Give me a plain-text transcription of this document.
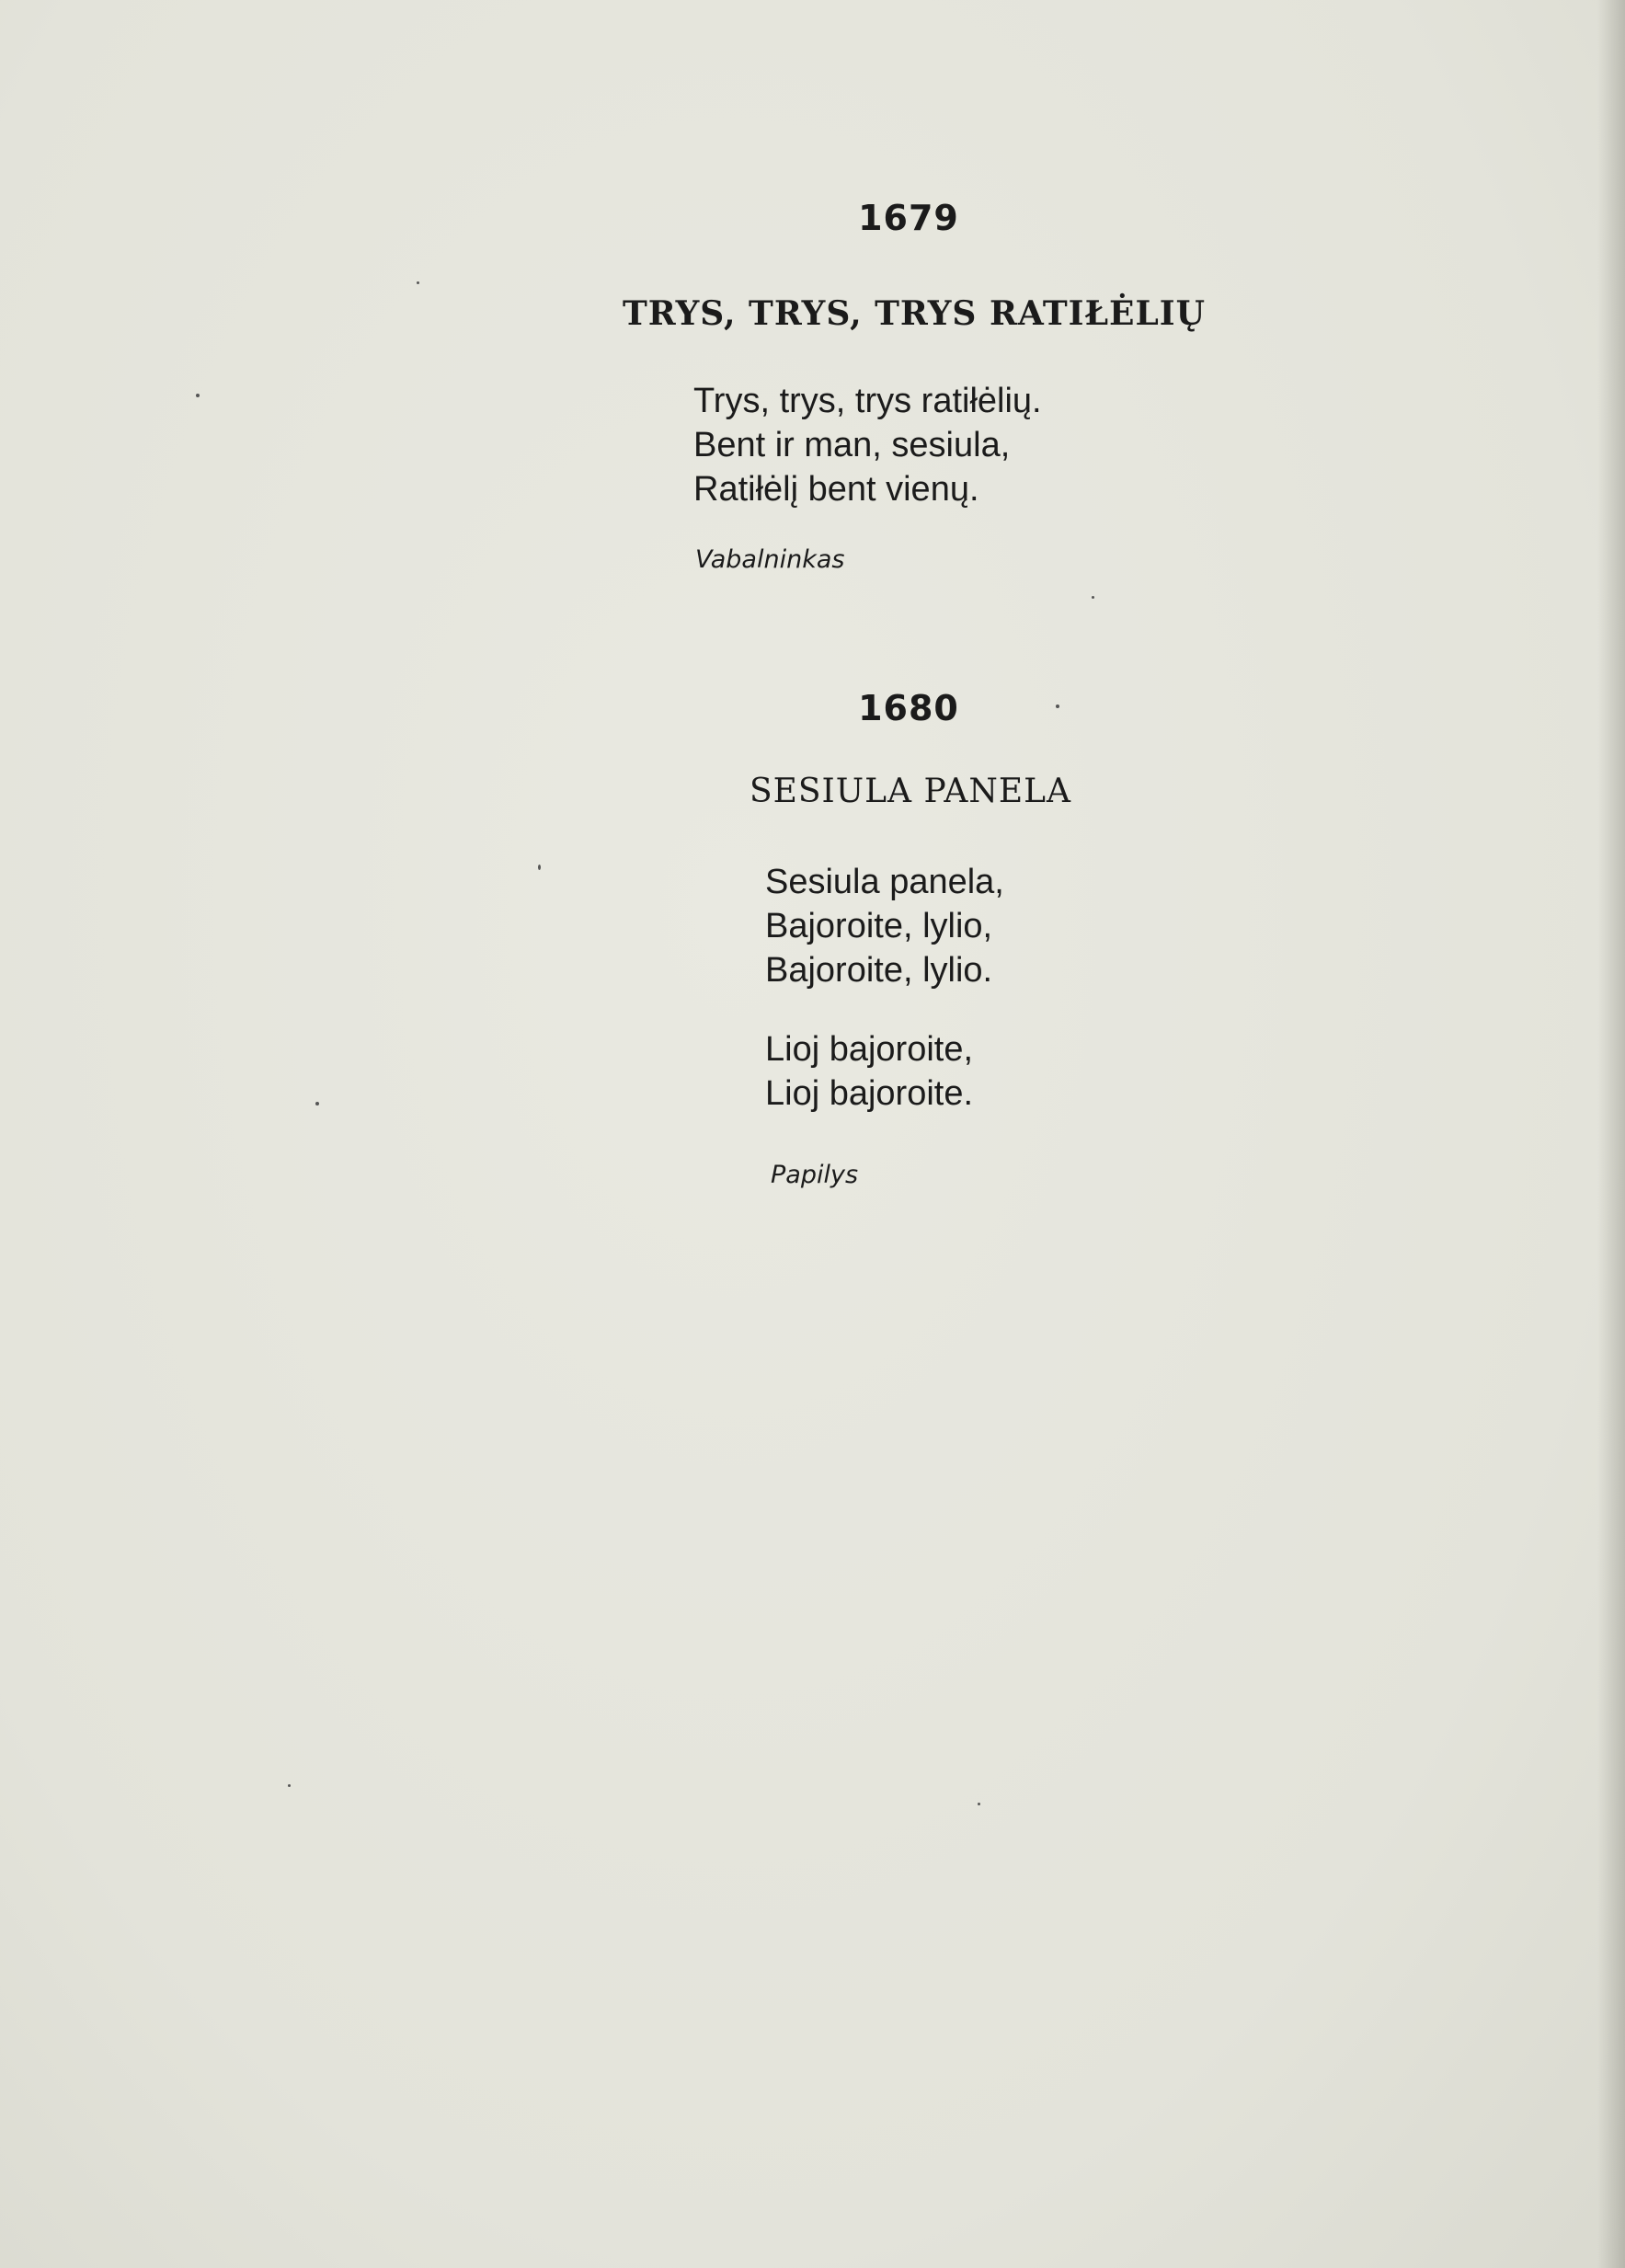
1679
TRYS, TRYS, TRYS RATIŁĖLIŲ
Trys, trys, trys ratiłėlių.
Bent ir man, sesiula,
Ratiłėlį bent vienų.
Vabalninkas
1680
SESIULA PANELA
Sesiula panela,
Bajoroite, lylio,
Bajoroite, lylio.
Lioj bajoroite,
Lioj bajoroite.
Papilys
